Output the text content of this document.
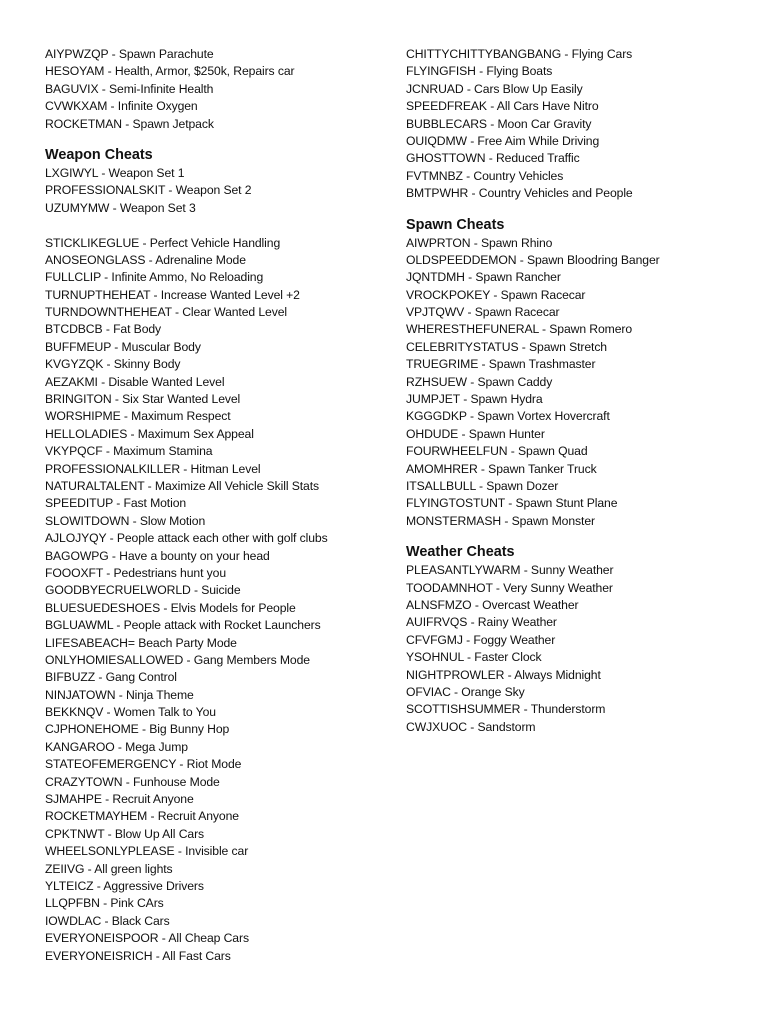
AIYPWZQP - Spawn Parachute
HESOYAM - Health, Armor, $250k, Repairs car
BAGUVIX - Semi-Infinite Health
CVWKXAM - Infinite Oxygen
ROCKETMAN - Spawn Jetpack
Weapon Cheats
LXGIWYL - Weapon Set 1
PROFESSIONALSKIT - Weapon Set 2
UZUMYMW - Weapon Set 3
STICKLIKEGLUE - Perfect Vehicle Handling
ANOSEONGLASS - Adrenaline Mode
FULLCLIP - Infinite Ammo, No Reloading
TURNUPTHEHEAT - Increase Wanted Level +2
TURNDOWNTHEHEAT - Clear Wanted Level
BTCDBCB - Fat Body
BUFFMEUP - Muscular Body
KVGYZQK - Skinny Body
AEZAKMI - Disable Wanted Level
BRINGITON - Six Star Wanted Level
WORSHIPME - Maximum Respect
HELLOLADIES - Maximum Sex Appeal
VKYPQCF - Maximum Stamina
PROFESSIONALKILLER - Hitman Level
NATURALTALENT - Maximize All Vehicle Skill Stats
SPEEDITUP - Fast Motion
SLOWITDOWN - Slow Motion
AJLOJYQY - People attack each other with golf clubs
BAGOWPG - Have a bounty on your head
FOOOXFT - Pedestrians hunt you
GOODBYECRUELWORLD - Suicide
BLUESUEDESHOES - Elvis Models for People
BGLUAWML - People attack with Rocket Launchers
LIFESABEACH= Beach Party Mode
ONLYHOMIESALLOWED - Gang Members Mode
BIFBUZZ - Gang Control
NINJATOWN - Ninja Theme
BEKKNQV - Women Talk to You
CJPHONEHOME - Big Bunny Hop
KANGAROO - Mega Jump
STATEOFEMERGENCY - Riot Mode
CRAZYTOWN - Funhouse Mode
SJMAHPE - Recruit Anyone
ROCKETMAYHEM - Recruit Anyone
CPKTNWT - Blow Up All Cars
WHEELSONLYPLEASE - Invisible car
ZEIIVG - All green lights
YLTEICZ - Aggressive Drivers
LLQPFBN - Pink CArs
IOWDLAC - Black Cars
EVERYONEISPOOR - All Cheap Cars
EVERYONEISRICH - All Fast Cars
CHITTYCHITTYBANGBANG - Flying Cars
FLYINGFISH - Flying Boats
JCNRUAD - Cars Blow Up Easily
SPEEDFREAK - All Cars Have Nitro
BUBBLECARS - Moon Car Gravity
OUIQDMW - Free Aim While Driving
GHOSTTOWN - Reduced Traffic
FVTMNBZ - Country Vehicles
BMTPWHR - Country Vehicles and People
Spawn Cheats
AIWPRTON - Spawn Rhino
OLDSPEEDDEMON - Spawn Bloodring Banger
JQNTDMH - Spawn Rancher
VROCKPOKEY - Spawn Racecar
VPJTQWV - Spawn Racecar
WHERESTHEFUNERAL - Spawn Romero
CELEBRITYSTATUS - Spawn Stretch
TRUEGRIME - Spawn Trashmaster
RZHSUEW - Spawn Caddy
JUMPJET - Spawn Hydra
KGGGDKP - Spawn Vortex Hovercraft
OHDUDE - Spawn Hunter
FOURWHEELFUN - Spawn Quad
AMOMHRER - Spawn Tanker Truck
ITSALLBULL - Spawn Dozer
FLYINGTOSTUNT - Spawn Stunt Plane
MONSTERMASH - Spawn Monster
Weather Cheats
PLEASANTLYWARM - Sunny Weather
TOODAMNHOT - Very Sunny Weather
ALNSFMZO - Overcast Weather
AUIFRVQS - Rainy Weather
CFVFGMJ - Foggy Weather
YSOHNUL - Faster Clock
NIGHTPROWLER - Always Midnight
OFVIAC - Orange Sky
SCOTTISHSUMMER - Thunderstorm
CWJXUOC - Sandstorm
